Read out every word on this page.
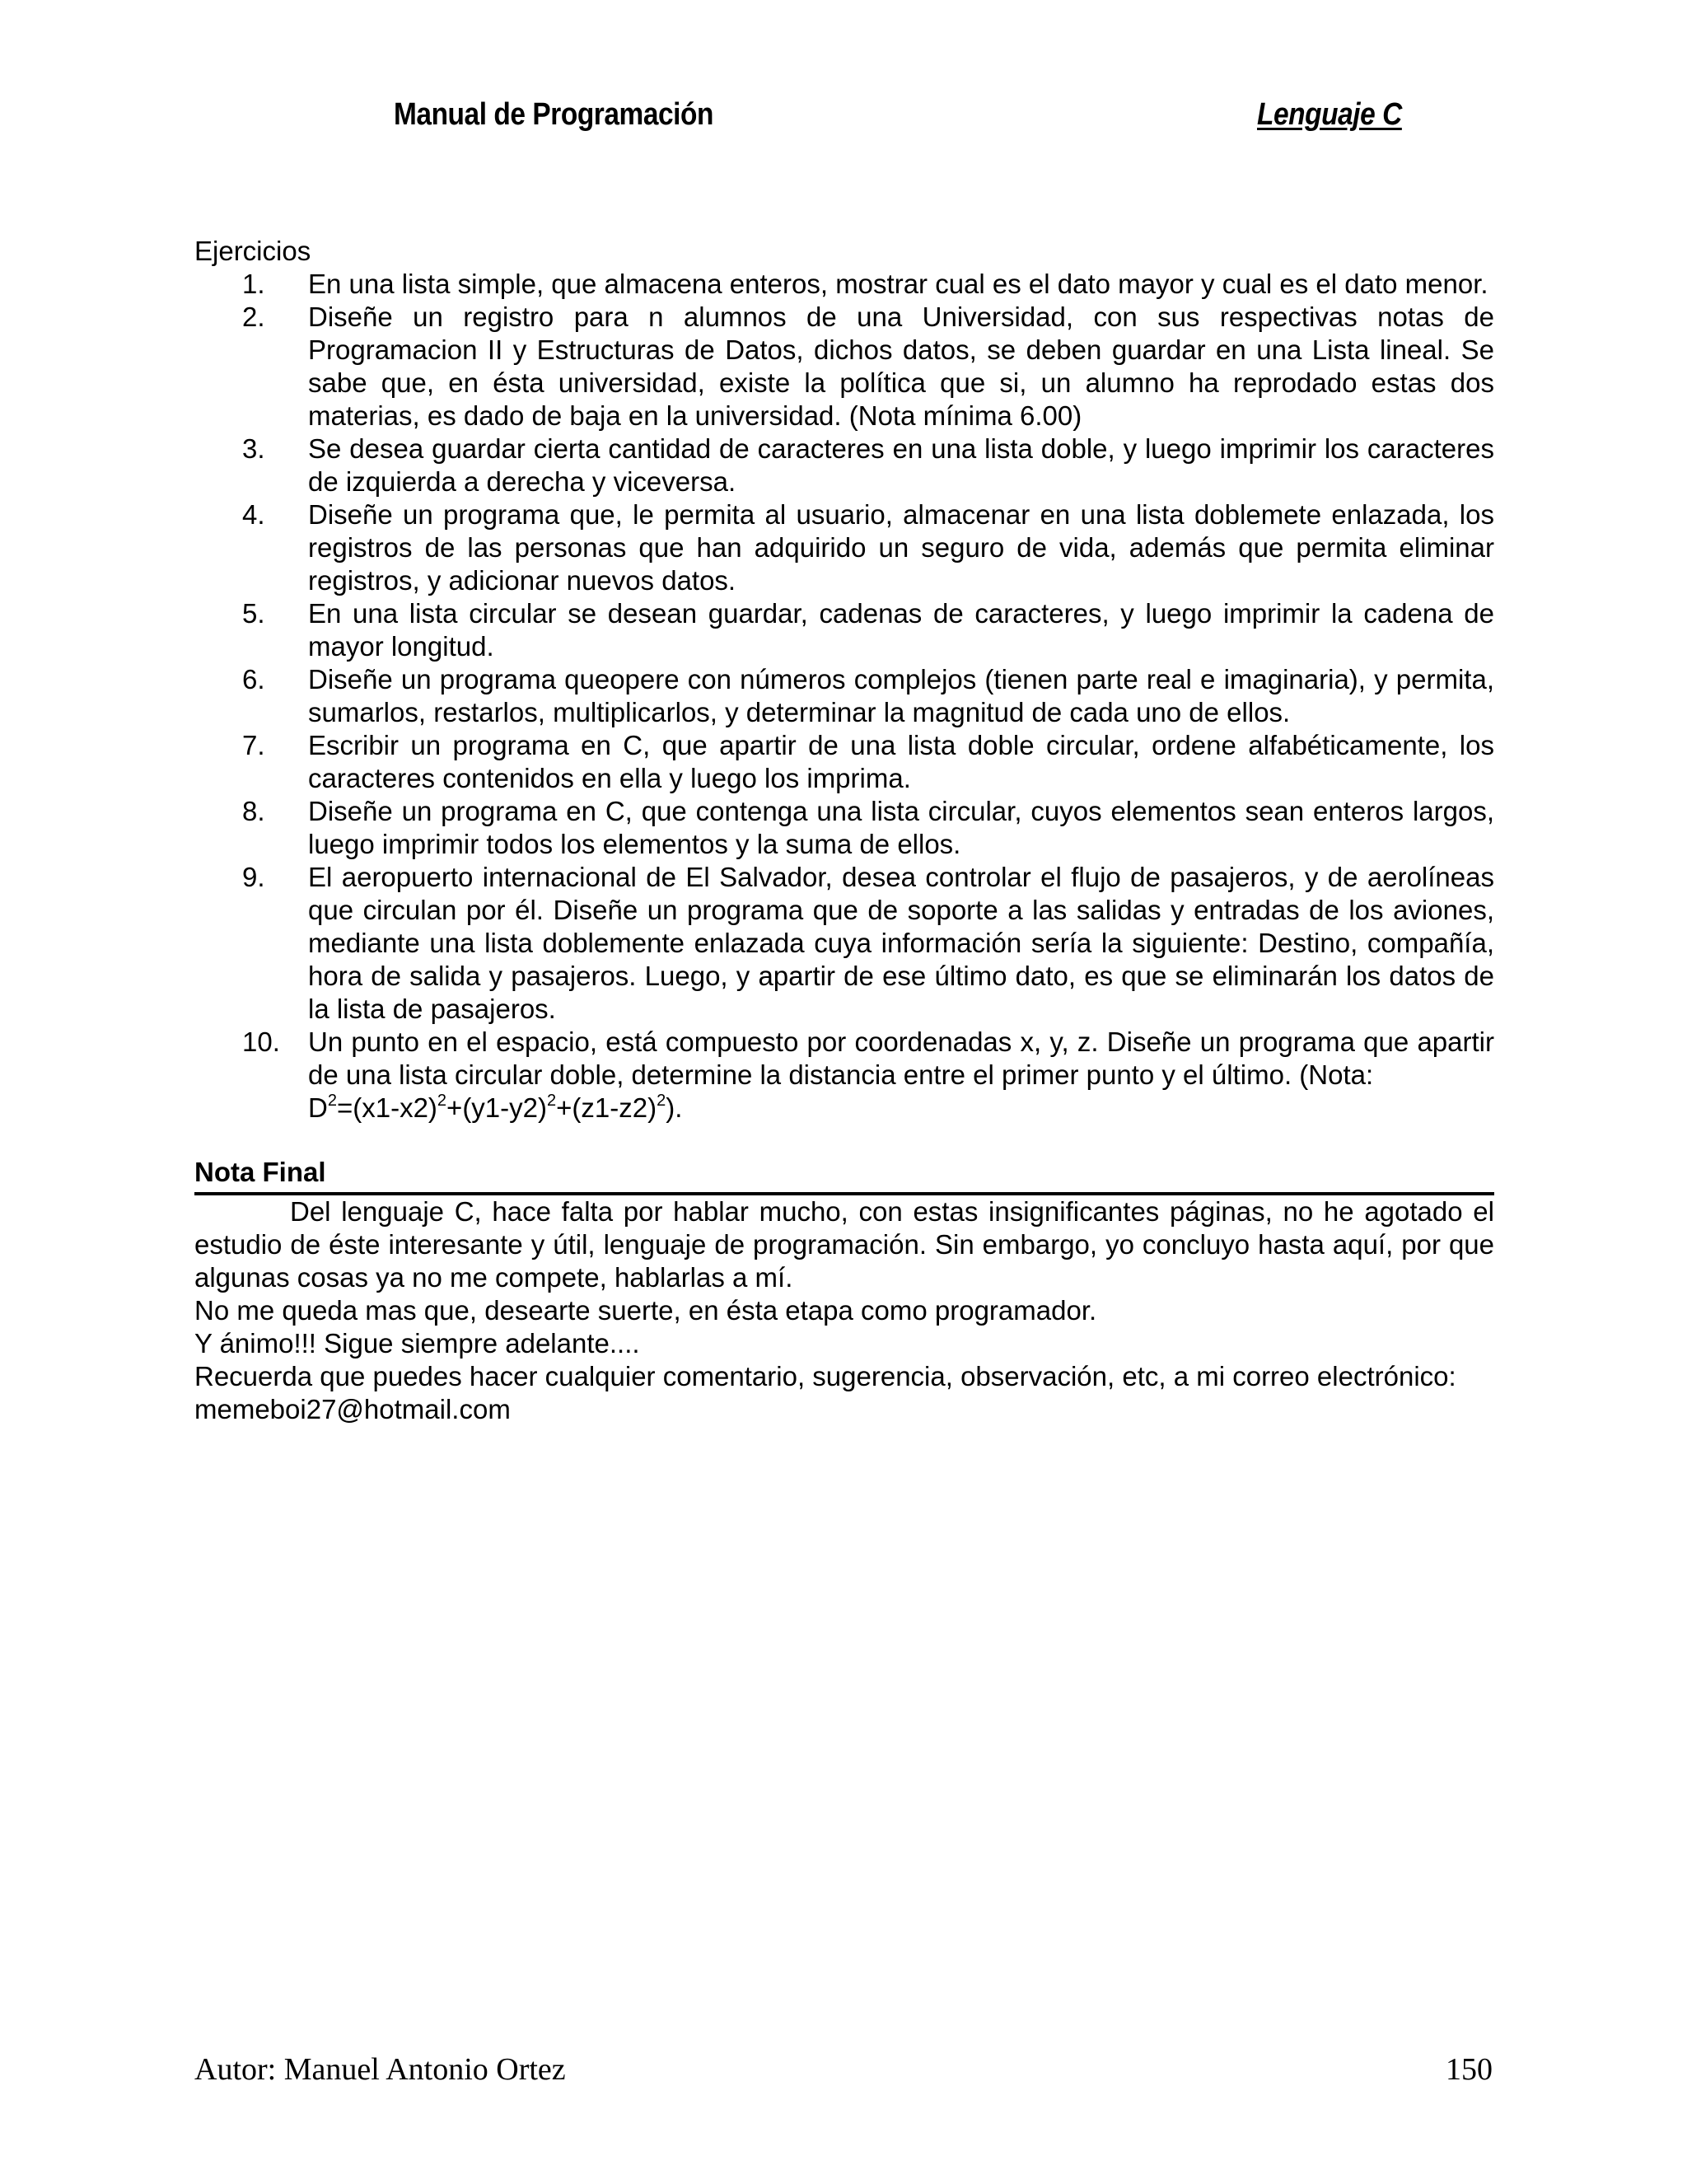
Manual de Programación	Lenguaje C

Ejercicios

1.	En una lista simple, que almacena enteros, mostrar cual es el dato mayor y cual es el dato menor.
2.	Diseñe un registro para n alumnos de una Universidad, con sus respectivas notas de Programacion II y Estructuras de Datos, dichos datos, se deben guardar en una Lista lineal. Se sabe que, en ésta universidad, existe la política que si, un alumno ha reprodado estas dos materias, es dado de baja en la universidad. (Nota mínima 6.00)
3.	Se desea guardar cierta cantidad de caracteres en una lista doble, y luego imprimir los caracteres de izquierda a derecha y viceversa.
4.	Diseñe un programa que, le permita al usuario, almacenar en una lista doblemete enlazada, los registros de las personas que han adquirido un seguro de vida, además que permita eliminar registros, y adicionar nuevos datos.
5.	En una lista circular se desean guardar, cadenas de caracteres, y luego imprimir la cadena de mayor longitud.
6.	Diseñe un programa queopere con números complejos (tienen parte real e imaginaria), y permita, sumarlos, restarlos, multiplicarlos, y determinar la magnitud de cada uno de ellos.
7.	Escribir un programa en C, que apartir de una lista doble circular, ordene alfabéticamente, los caracteres contenidos en ella y luego los imprima.
8.	Diseñe un programa en C, que contenga una lista circular, cuyos elementos sean enteros largos, luego imprimir todos los elementos y la suma de ellos.
9.	El aeropuerto internacional de El Salvador, desea controlar el flujo de pasajeros, y de aerolíneas que circulan por él. Diseñe un programa que de soporte a las salidas y entradas de los aviones, mediante una lista doblemente enlazada cuya información sería la siguiente: Destino, compañía, hora de salida y pasajeros. Luego, y apartir de ese último dato, es que se eliminarán los datos de la lista de pasajeros.
10.	Un punto en el espacio, está compuesto por coordenadas x, y, z. Diseñe un programa que apartir de una lista circular doble, determine la distancia entre el primer punto y el último. (Nota:
$D^2=(x1-x2)^2+(y1-y2)^2+(z1-z2)^2$).
Nota Final

Del lenguaje C, hace falta por hablar mucho, con estas insignificantes páginas, no he agotado el estudio de éste interesante y útil, lenguaje de programación. Sin embargo, yo concluyo hasta aquí, por que algunas cosas ya no me compete, hablarlas a mí.

No me queda mas que, desearte suerte, en ésta etapa como programador.

Y ánimo!!! Sigue siempre adelante....

Recuerda que puedes hacer cualquier comentario, sugerencia, observación, etc, a mi correo electrónico:

memeboi27@hotmail.com

Autor: Manuel Antonio Ortez	150
